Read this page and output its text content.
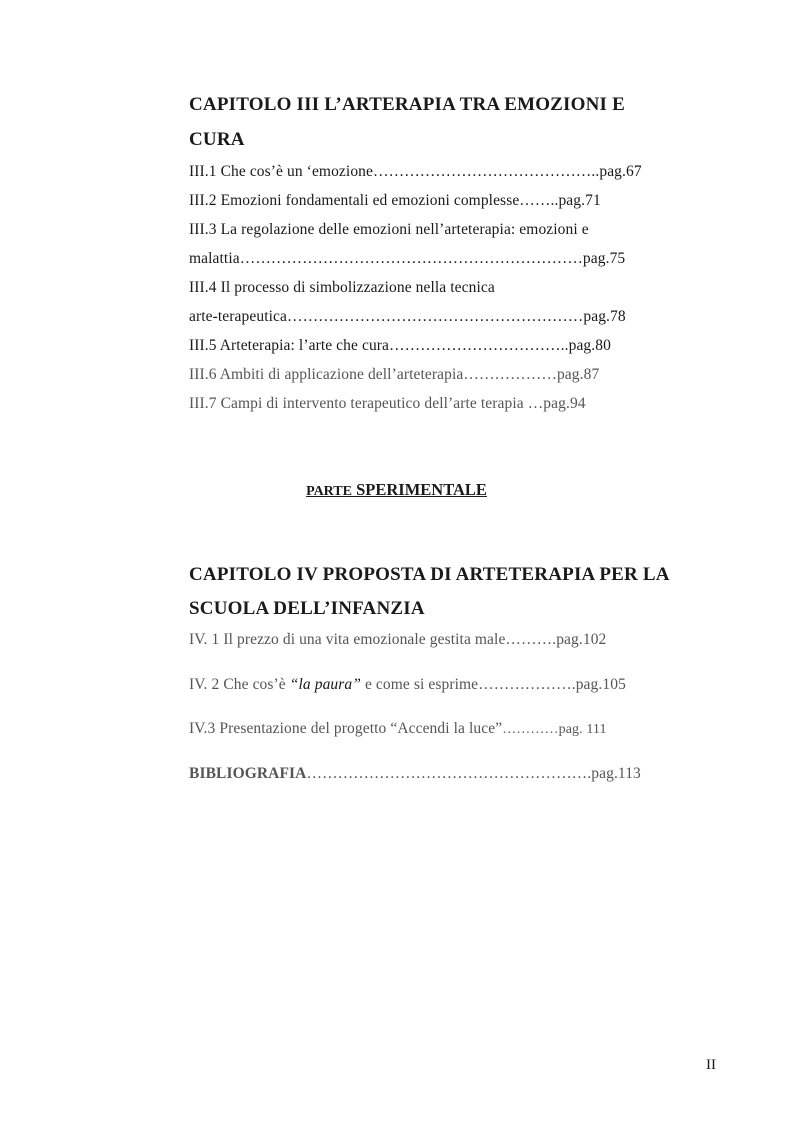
CAPITOLO III L’ARTERAPIA TRA EMOZIONI E
CURA
III.1 Che cos’è un ‘emozione……………………………………..pag.67
III.2 Emozioni fondamentali ed emozioni complesse……..pag.71
III.3 La regolazione delle emozioni nell’arteterapia: emozioni e
malattia…………………………………………………………pag.75
III.4 Il processo di simbolizzazione nella tecnica
arte-terapeutica…………………………………………………pag.78
III.5 Arteterapia: l’arte che cura……………………………..pag.80
III.6 Ambiti di applicazione dell’arteterapia………………pag.87
III.7 Campi di intervento terapeutico dell’arte terapia …pag.94
PARTE SPERIMENTALE
CAPITOLO IV PROPOSTA DI ARTETERAPIA PER LA
SCUOLA DELL’INFANZIA
IV. 1 Il prezzo di una vita emozionale gestita male……….pag.102
IV. 2 Che cos’è “la paura” e come si esprime……………….pag.105
IV.3 Presentazione del progetto “Accendi la luce”…………pag. 111
BIBLIOGRAFIA……………………………………………….pag.113
II
